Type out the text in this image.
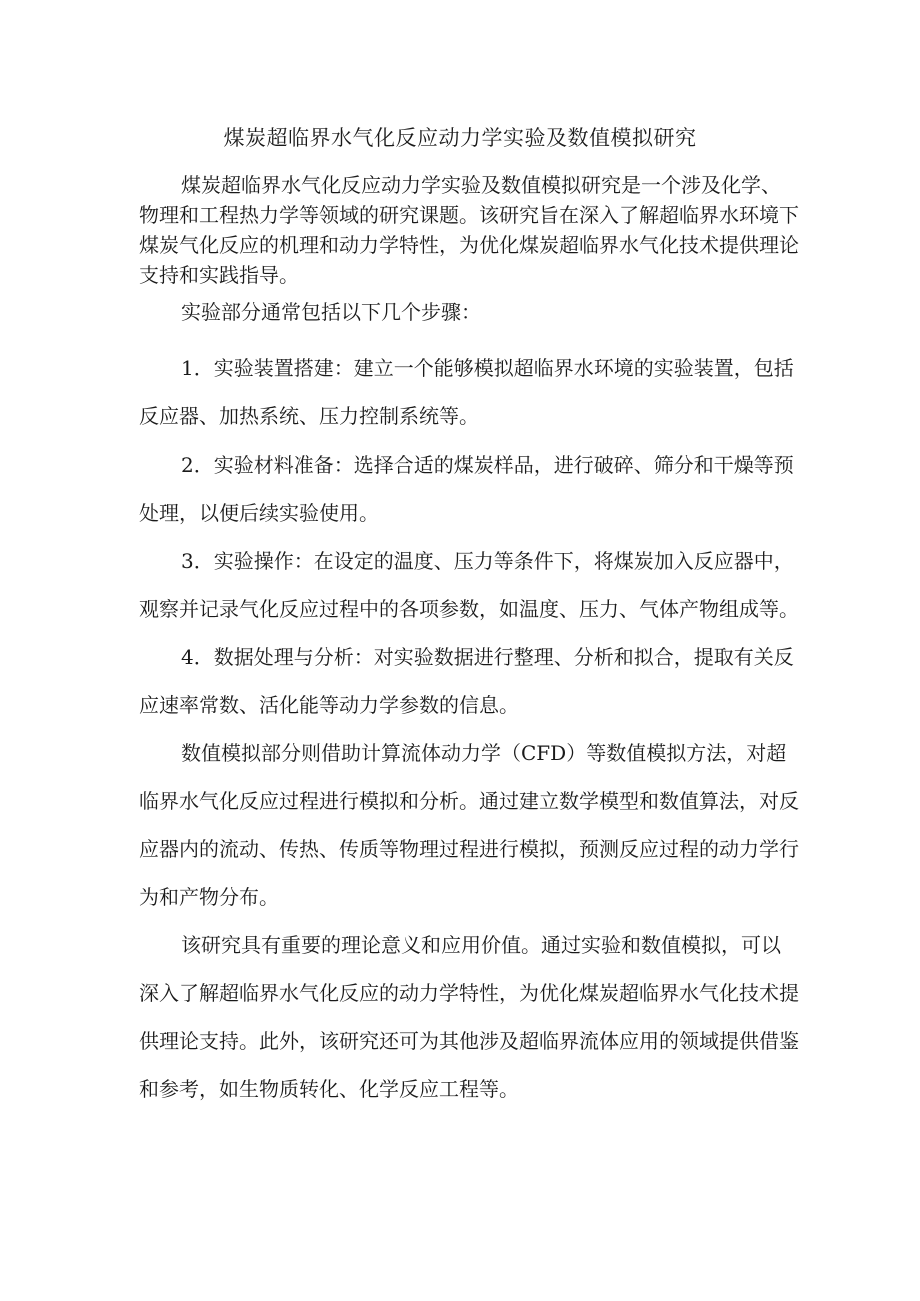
煤炭超临界水气化反应动力学实验及数值模拟研究

煤炭超临界水气化反应动力学实验及数值模拟研究是一个涉及化学、物理和工程热力学等领域的研究课题。该研究旨在深入了解超临界水环境下煤炭气化反应的机理和动力学特性，为优化煤炭超临界水气化技术提供理论支持和实践指导。

实验部分通常包括以下几个步骤：

1．实验装置搭建：建立一个能够模拟超临界水环境的实验装置，包括反应器、加热系统、压力控制系统等。

2．实验材料准备：选择合适的煤炭样品，进行破碎、筛分和干燥等预处理，以便后续实验使用。

3．实验操作：在设定的温度、压力等条件下，将煤炭加入反应器中，观察并记录气化反应过程中的各项参数，如温度、压力、气体产物组成等。

4．数据处理与分析：对实验数据进行整理、分析和拟合，提取有关反应速率常数、活化能等动力学参数的信息。

数值模拟部分则借助计算流体动力学（CFD）等数值模拟方法，对超临界水气化反应过程进行模拟和分析。通过建立数学模型和数值算法，对反应器内的流动、传热、传质等物理过程进行模拟，预测反应过程的动力学行为和产物分布。

该研究具有重要的理论意义和应用价值。通过实验和数值模拟，可以深入了解超临界水气化反应的动力学特性，为优化煤炭超临界水气化技术提供理论支持。此外，该研究还可为其他涉及超临界流体应用的领域提供借鉴和参考，如生物质转化、化学反应工程等。
